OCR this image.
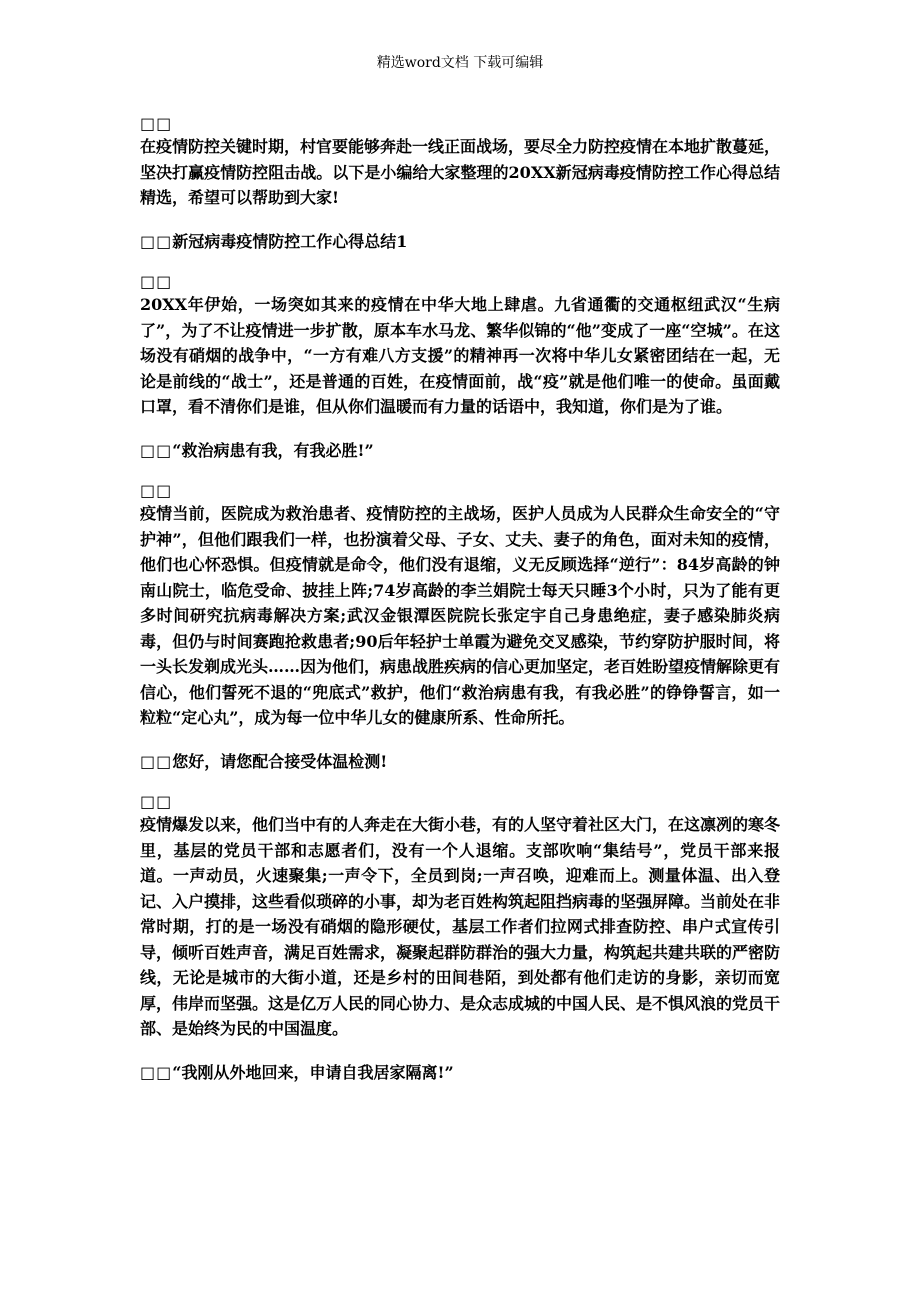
精选word文档 下载可编辑
□□

在疫情防控关键时期，村官要能够奔赴一线正面战场，要尽全力防控疫情在本地扩散蔓延，坚决打赢疫情防控阻击战。以下是小编给大家整理的20XX新冠病毒疫情防控工作心得总结精选，希望可以帮助到大家!

□□新冠病毒疫情防控工作心得总结1

□□

20XX年伊始，一场突如其来的疫情在中华大地上肆虐。九省通衢的交通枢纽武汉“生病了”，为了不让疫情进一步扩散，原本车水马龙、繁华似锦的“他”变成了一座“空城”。在这场没有硝烟的战争中，“一方有难八方支援”的精神再一次将中华儿女紧密团结在一起，无论是前线的“战士”，还是普通的百姓，在疫情面前，战“疫”就是他们唯一的使命。虽面戴口罩，看不清你们是谁，但从你们温暖而有力量的话语中，我知道，你们是为了谁。

□□“救治病患有我，有我必胜!”

□□

疫情当前，医院成为救治患者、疫情防控的主战场，医护人员成为人民群众生命安全的“守护神”，但他们跟我们一样，也扮演着父母、子女、丈夫、妻子的角色，面对未知的疫情，他们也心怀恐惧。但疫情就是命令，他们没有退缩，义无反顾选择“逆行”：84岁高龄的钟南山院士，临危受命、披挂上阵;74岁高龄的李兰娟院士每天只睡3个小时，只为了能有更多时间研究抗病毒解决方案;武汉金银潭医院院长张定宇自己身患绝症，妻子感染肺炎病毒，但仍与时间赛跑抢救患者;90后年轻护士单霞为避免交叉感染，节约穿防护服时间，将一头长发剃成光头……因为他们，病患战胜疾病的信心更加坚定，老百姓盼望疫情解除更有信心，他们誓死不退的“兜底式”救护，他们“救治病患有我，有我必胜”的铮铮誓言，如一粒粒“定心丸”，成为每一位中华儿女的健康所系、性命所托。

□□您好，请您配合接受体温检测!

□□

疫情爆发以来，他们当中有的人奔走在大街小巷，有的人坚守着社区大门，在这凛冽的寒冬里，基层的党员干部和志愿者们，没有一个人退缩。支部吹响“集结号”，党员干部来报道。一声动员，火速聚集;一声令下，全员到岗;一声召唤，迎难而上。测量体温、出入登记、入户摸排，这些看似琐碎的小事，却为老百姓构筑起阻挡病毒的坚强屏障。当前处在非常时期，打的是一场没有硝烟的隐形硬仗，基层工作者们拉网式排查防控、串户式宣传引导，倾听百姓声音，满足百姓需求，凝聚起群防群治的强大力量，构筑起共建共联的严密防线，无论是城市的大街小道，还是乡村的田间巷陌，到处都有他们走访的身影，亲切而宽厚，伟岸而坚强。这是亿万人民的同心协力、是众志成城的中国人民、是不惧风浪的党员干部、是始终为民的中国温度。

□□“我刚从外地回来，申请自我居家隔离!”
